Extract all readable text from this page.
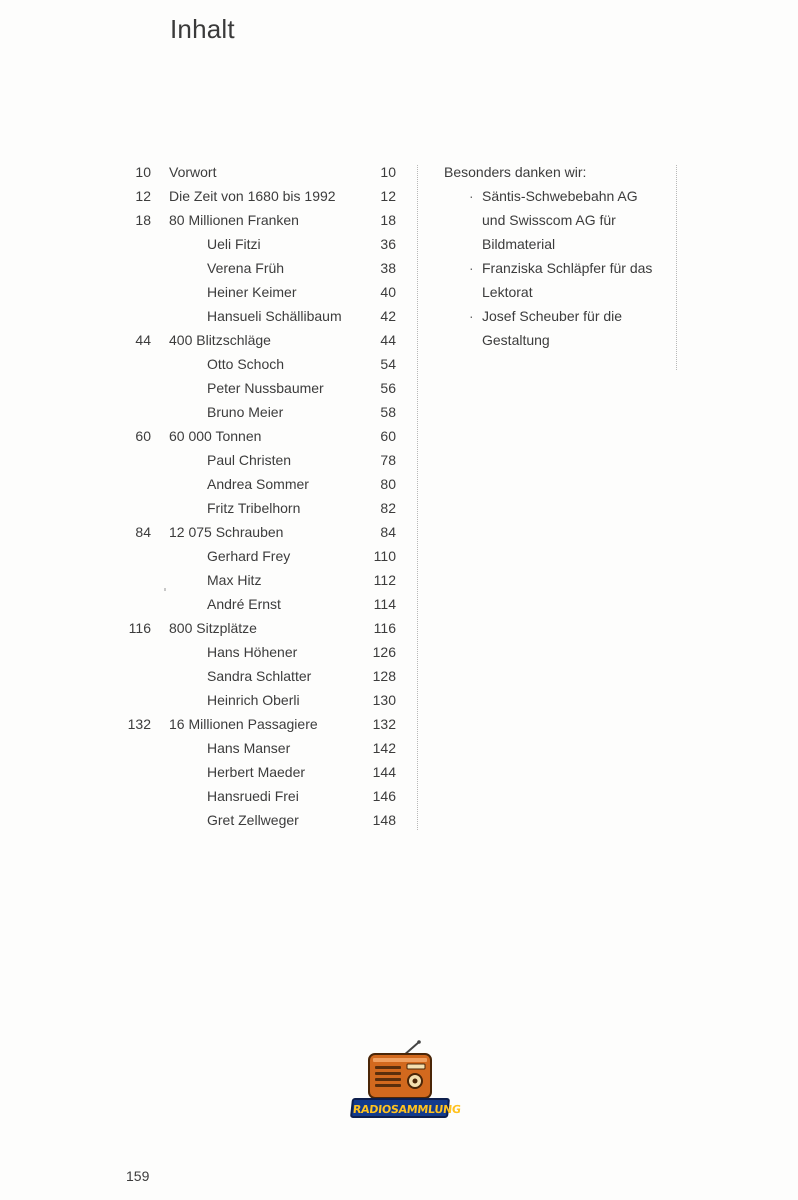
Inhalt
10 Vorwort	10
12 Die Zeit von 1680 bis 1992	12
18 80 Millionen Franken	18
Ueli Fitzi	36
Verena Früh	38
Heiner Keimer	40
Hansueli Schällibaum	42
44 400 Blitzschläge	44
Otto Schoch	54
Peter Nussbaumer	56
Bruno Meier	58
60 60 000 Tonnen	60
Paul Christen	78
Andrea Sommer	80
Fritz Tribelhorn	82
84 12 075 Schrauben	84
Gerhard Frey	110
Max Hitz	112
André Ernst	114
116 800 Sitzplätze	116
Hans Höhener	126
Sandra Schlatter	128
Heinrich Oberli	130
132 16 Millionen Passagiere	132
Hans Manser	142
Herbert Maeder	144
Hansruedi Frei	146
Gret Zellweger	148

Besonders danken wir:

· Säntis-Schwebebahn AG
und Swisscom AG für
Bildmaterial
· Franziska Schläpfer für das
Lektorat
· Josef Scheuber für die
Gestaltung
RADIOSAMMLUNG
159
